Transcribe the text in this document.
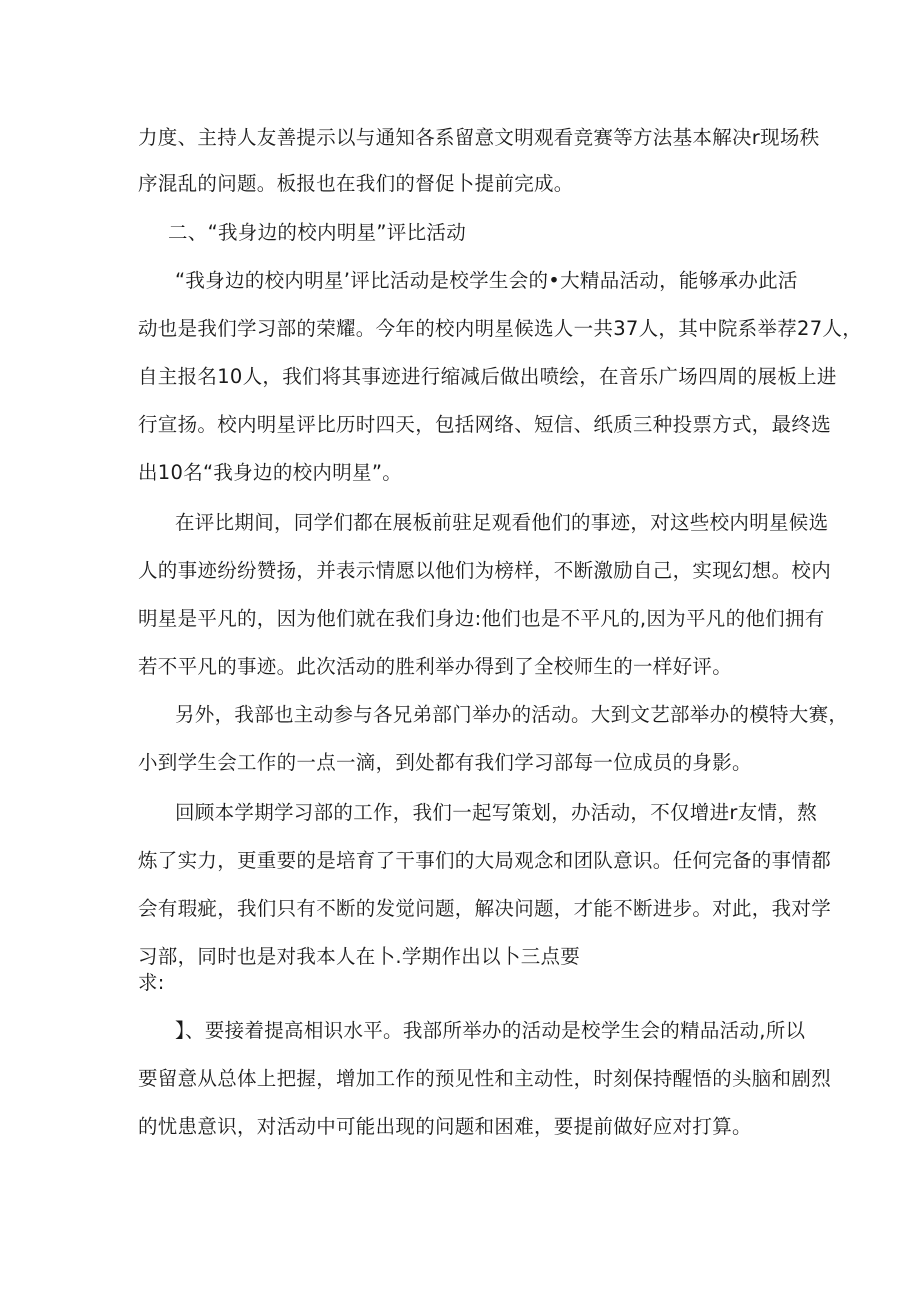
力度、主持人友善提示以与通知各系留意文明观看竞赛等方法基本解决r现场秩
序混乱的问题。板报也在我们的督促卜提前完成。
二、“我身边的校内明星”评比活动
“我身边的校内明星’评比活动是校学生会的•大精品活动，能够承办此活
动也是我们学习部的荣耀。今年的校内明星候选人一共37人，其中院系举荐27人，
自主报名10人，我们将其事迹进行缩减后做出喷绘，在音乐广场四周的展板上进
行宣扬。校内明星评比历时四天，包括网络、短信、纸质三种投票方式，最终选
出10名“我身边的校内明星”。
在评比期间，同学们都在展板前驻足观看他们的事迹，对这些校内明星候选
人的事迹纷纷赞扬，并表示情愿以他们为榜样，不断激励自己，实现幻想。校内
明星是平凡的，因为他们就在我们身边:他们也是不平凡的,因为平凡的他们拥有
若不平凡的事迹。此次活动的胜利举办得到了全校师生的一样好评。
另外，我部也主动参与各兄弟部门举办的活动。大到文艺部举办的模特大赛，
小到学生会工作的一点一滴，到处都有我们学习部每一位成员的身影。
回顾本学期学习部的工作，我们一起写策划，办活动，不仅增进r友情，熬
炼了实力，更重要的是培育了干事们的大局观念和团队意识。任何完备的事情都
会有瑕疵，我们只有不断的发觉问题，解决问题，才能不断进步。对此，我对学
习部，同时也是对我本人在卜.学期作出以卜三点要
求:
】、要接着提高相识水平。我部所举办的活动是校学生会的精品活动,所以
要留意从总体上把握，增加工作的预见性和主动性，时刻保持醒悟的头脑和剧烈
的忧患意识，对活动中可能出现的问题和困难，要提前做好应对打算。
